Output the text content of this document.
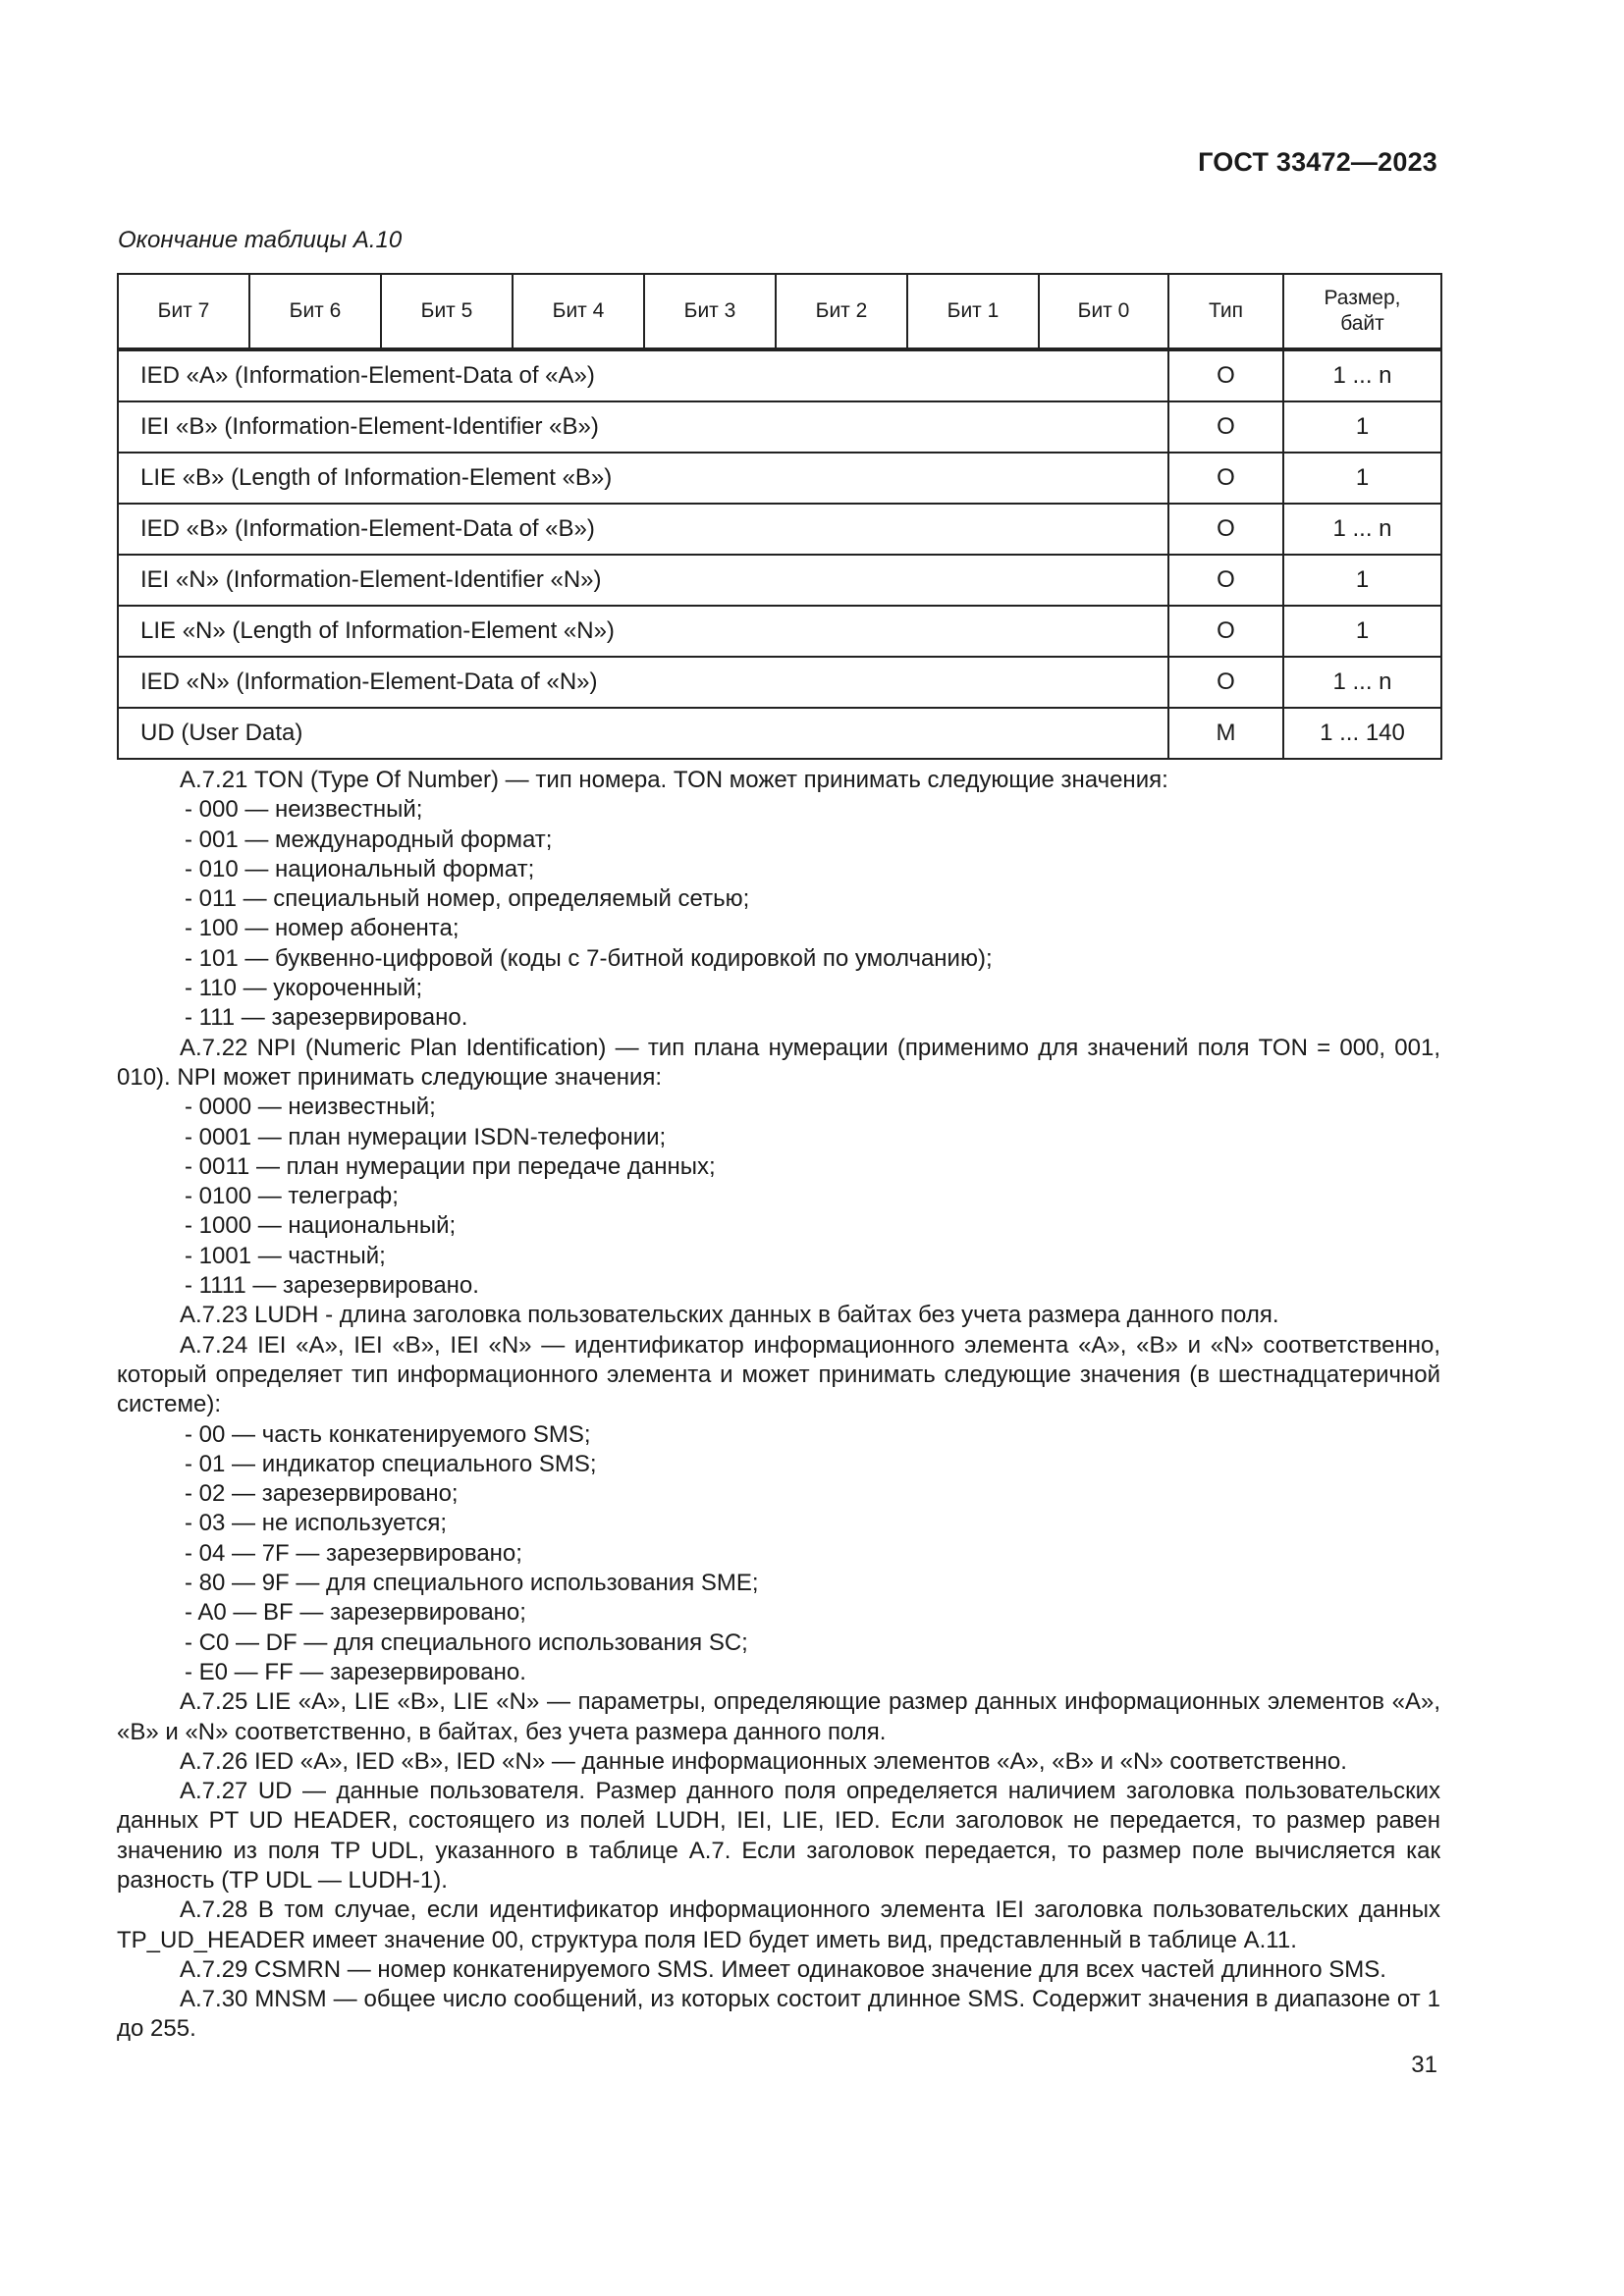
ГОСТ 33472—2023
Окончание таблицы А.10
Бит 7	Бит 6	Бит 5	Бит 4	Бит 3	Бит 2	Бит 1	Бит 0	Тип	Размер,
байт
IED «A» (Information-Element-Data of «A»)								O	1 ... n
IEI «B» (Information-Element-Identifier «B»)								O	1
LIE «B» (Length of Information-Element «B»)								O	1
IED «B» (Information-Element-Data of «B»)								O	1 ... n
IEI «N» (Information-Element-Identifier «N»)								O	1
LIE «N» (Length of Information-Element «N»)								O	1
IED «N» (Information-Element-Data of «N»)								O	1 ... n
UD (User Data)								M	1 ... 140

А.7.21 TON (Type Of Number) — тип номера. TON может принимать следующие значения:

- 000 — неизвестный;

- 001 — международный формат;

- 010 — национальный формат;

- 011 — специальный номер, определяемый сетью;

- 100 — номер абонента;

- 101 — буквенно-цифровой (коды с 7-битной кодировкой по умолчанию);

- 110 — укороченный;

- 111 — зарезервировано.

А.7.22 NPI (Numeric Plan Identification) — тип плана нумерации (применимо для значений поля TON = 000, 001, 010). NPI может принимать следующие значения:

- 0000 — неизвестный;

- 0001 — план нумерации ISDN-телефонии;

- 0011 — план нумерации при передаче данных;

- 0100 — телеграф;

- 1000 — национальный;

- 1001 — частный;

- 1111 — зарезервировано.

А.7.23 LUDH - длина заголовка пользовательских данных в байтах без учета размера данного поля.

А.7.24 IEI «A», IEI «B», IEI «N» — идентификатор информационного элемента «A», «B» и «N» соответственно, который определяет тип информационного элемента и может принимать следующие значения (в шестнадцатеричной системе):

- 00 — часть конкатенируемого SMS;

- 01 — индикатор специального SMS;

- 02 — зарезервировано;

- 03 — не используется;

- 04 — 7F — зарезервировано;

- 80 — 9F — для специального использования SME;

- A0 — BF — зарезервировано;

- C0 — DF — для специального использования SC;

- E0 — FF — зарезервировано.

А.7.25 LIE «A», LIE «B», LIE «N» — параметры, определяющие размер данных информационных элементов «A», «B» и «N» соответственно, в байтах, без учета размера данного поля.

А.7.26 IED «A», IED «B», IED «N» — данные информационных элементов «A», «B» и «N» соответственно.

А.7.27 UD — данные пользователя. Размер данного поля определяется наличием заголовка пользовательских данных PT UD HEADER, состоящего из полей LUDH, IEI, LIE, IED. Если заголовок не передается, то размер равен значению из поля TP UDL, указанного в таблице А.7. Если заголовок передается, то размер поле вычисляется как разность (TP UDL — LUDH-1).

А.7.28 В том случае, если идентификатор информационного элемента IEI заголовка пользовательских данных TP_UD_HEADER имеет значение 00, структура поля IED будет иметь вид, представленный в таблице А.11.

А.7.29 CSMRN — номер конкатенируемого SMS. Имеет одинаковое значение для всех частей длинного SMS.

А.7.30 MNSM — общее число сообщений, из которых состоит длинное SMS. Содержит значения в диапазоне от 1 до 255.

31
